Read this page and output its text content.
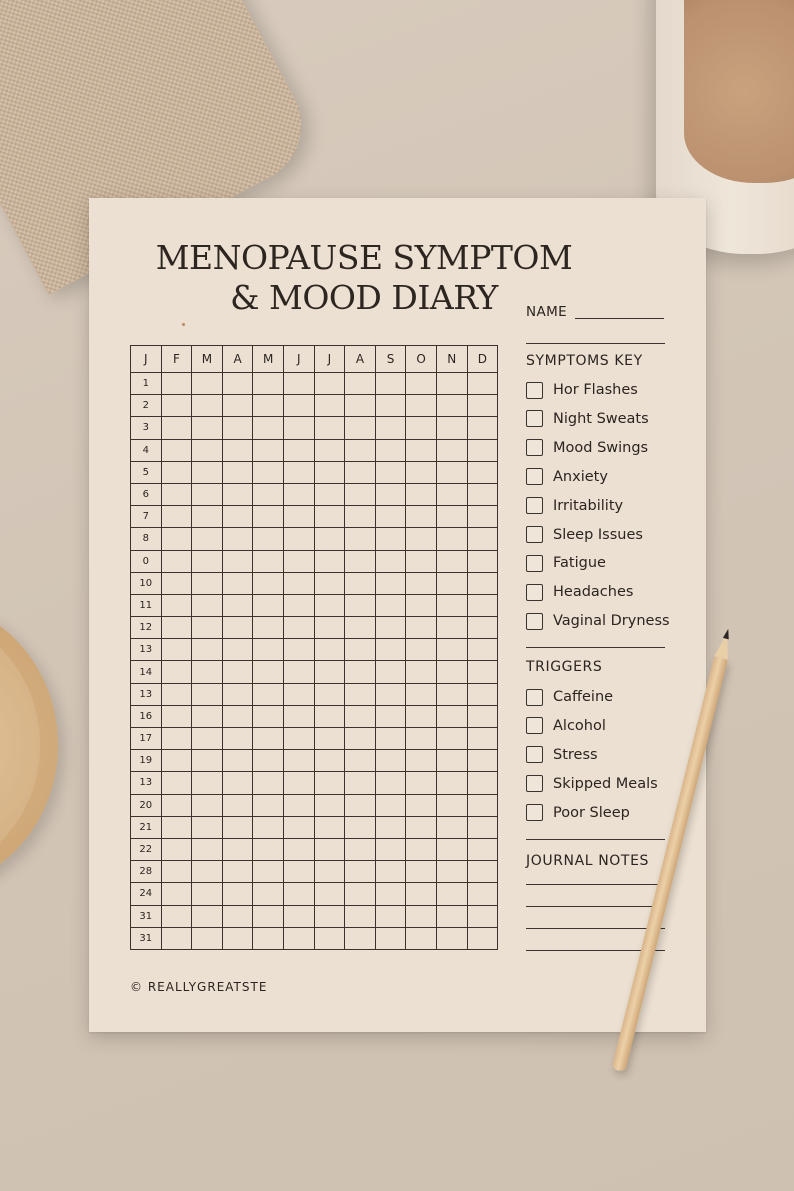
MENOPAUSE SYMPTOM
& MOOD DIARY
J	F	M	A	M	J	J	A	S	O	N	D
1											
2											
3											
4											
5											
6											
7											
8											
0											
10											
11											
12											
13											
14											
13											
16											
17											
19											
13											
20											
21											
22											
28											
24											
31											
31											
NAME
SYMPTOMS KEY
Hor Flashes
Night Sweats
Mood Swings
Anxiety
Irritability
Sleep Issues
Fatigue
Headaches
Vaginal Dryness
TRIGGERS
Caffeine
Alcohol
Stress
Skipped Meals
Poor Sleep
JOURNAL NOTES
© REALLYGREATSTE
